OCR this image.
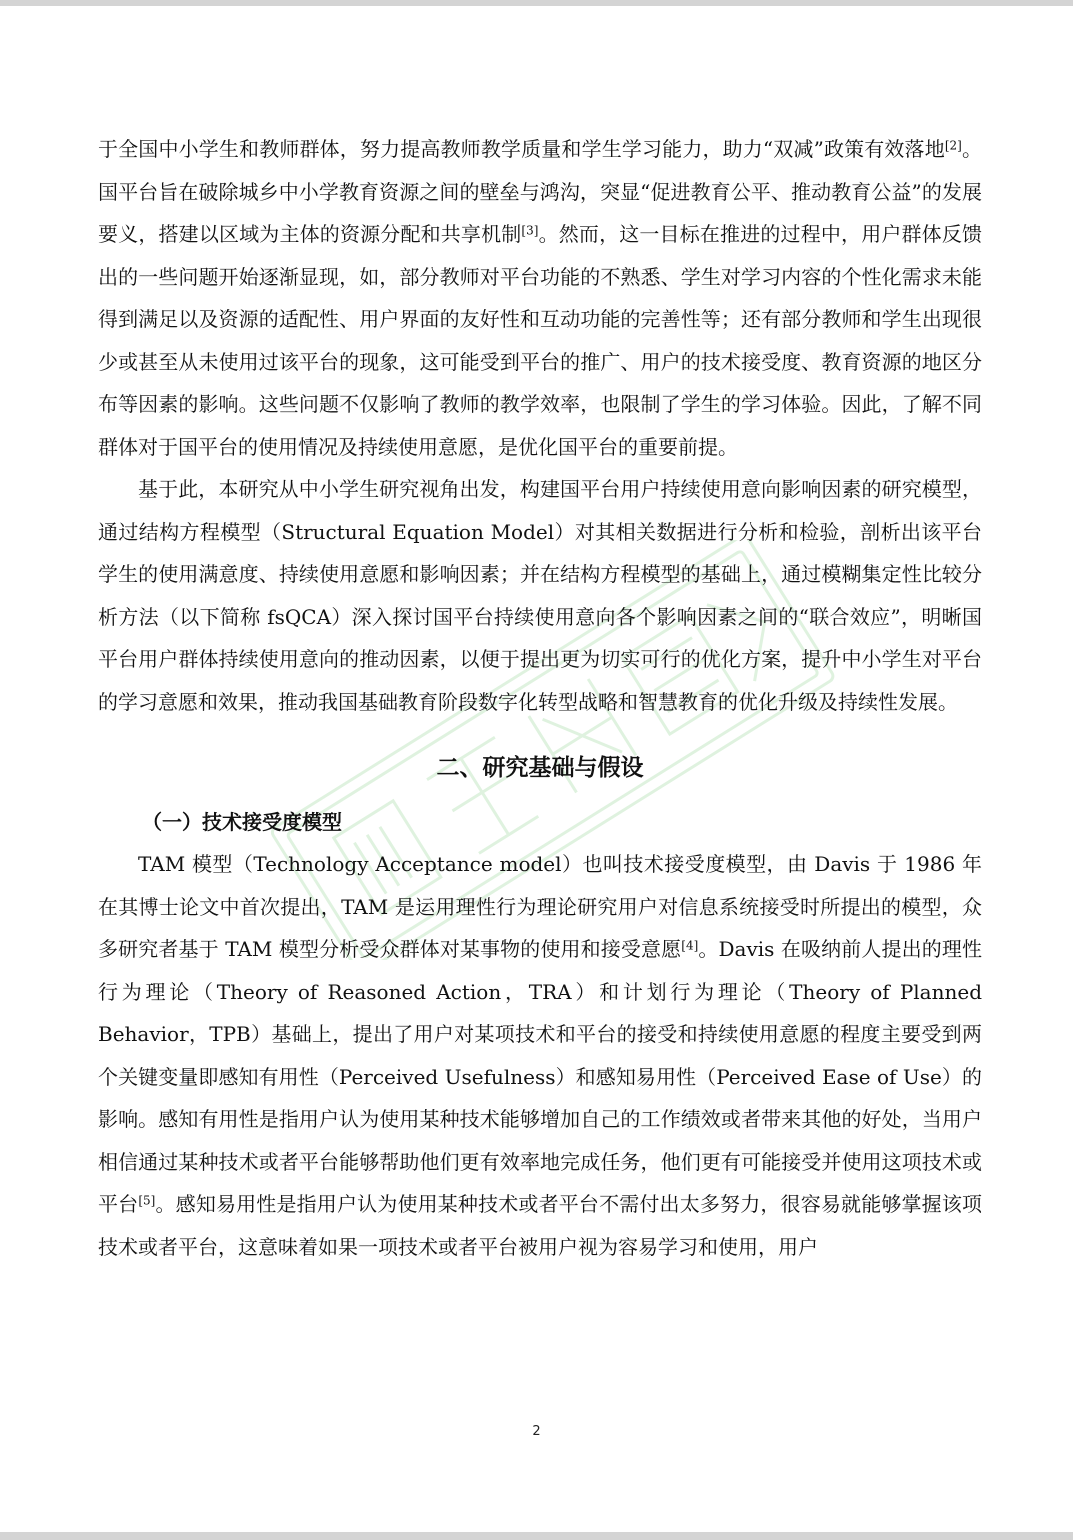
于全国中小学生和教师群体，努力提高教师教学质量和学生学习能力，助力“双减”政策有效落地[2]。国平台旨在破除城乡中小学教育资源之间的壁垒与鸿沟，突显“促进教育公平、推动教育公益”的发展要义，搭建以区域为主体的资源分配和共享机制[3]。然而，这一目标在推进的过程中，用户群体反馈出的一些问题开始逐渐显现，如，部分教师对平台功能的不熟悉、学生对学习内容的个性化需求未能得到满足以及资源的适配性、用户界面的友好性和互动功能的完善性等；还有部分教师和学生出现很少或甚至从未使用过该平台的现象，这可能受到平台的推广、用户的技术接受度、教育资源的地区分布等因素的影响。这些问题不仅影响了教师的教学效率，也限制了学生的学习体验。因此，了解不同群体对于国平台的使用情况及持续使用意愿，是优化国平台的重要前提。

基于此，本研究从中小学生研究视角出发，构建国平台用户持续使用意向影响因素的研究模型，通过结构方程模型（Structural Equation Model）对其相关数据进行分析和检验，剖析出该平台学生的使用满意度、持续使用意愿和影响因素；并在结构方程模型的基础上，通过模糊集定性比较分析方法（以下简称 fsQCA）深入探讨国平台持续使用意向各个影响因素之间的“联合效应”，明晰国平台用户群体持续使用意向的推动因素，以便于提出更为切实可行的优化方案，提升中小学生对平台的学习意愿和效果，推动我国基础教育阶段数字化转型战略和智慧教育的优化升级及持续性发展。

二、研究基础与假设
（一）技术接受度模型

TAM 模型（Technology Acceptance model）也叫技术接受度模型，由 Davis 于 1986 年在其博士论文中首次提出，TAM 是运用理性行为理论研究用户对信息系统接受时所提出的模型，众多研究者基于 TAM 模型分析受众群体对某事物的使用和接受意愿[4]。Davis 在吸纳前人提出的理性行为理论（Theory of Reasoned Action，TRA）和计划行为理论（Theory of Planned Behavior，TPB）基础上，提出了用户对某项技术和平台的接受和持续使用意愿的程度主要受到两个关键变量即感知有用性（Perceived Usefulness）和感知易用性（Perceived Ease of Use）的影响。感知有用性是指用户认为使用某种技术能够增加自己的工作绩效或者带来其他的好处，当用户相信通过某种技术或者平台能够帮助他们更有效率地完成任务，他们更有可能接受并使用这项技术或平台[5]。感知易用性是指用户认为使用某种技术或者平台不需付出太多努力，很容易就能够掌握该项技术或者平台，这意味着如果一项技术或者平台被用户视为容易学习和使用，用户

2
